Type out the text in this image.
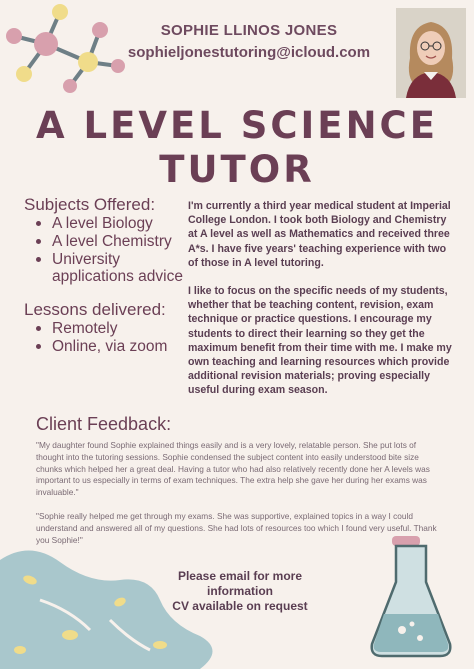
SOPHIE LLINOS JONES
sophieljonestutoring@icloud.com
A LEVEL SCIENCE
TUTOR
Subjects Offered:
A level Biology
A level Chemistry
University applications advice
Lessons delivered:
Remotely
Online, via zoom

I'm currently a third year medical student at Imperial College London. I took both Biology and Chemistry at A level as well as Mathematics and received three A*s. I have five years' teaching experience with two of those in A level tutoring.

I like to focus on the specific needs of my students, whether that be teaching content, revision, exam technique or practice questions. I encourage my students to direct their learning so they get the maximum benefit from their time with me. I make my own teaching and learning resources which provide additional revision materials; proving especially useful during exam season.

Client Feedback:

"My daughter found Sophie explained things easily and is a very lovely, relatable person. She put lots of thought into the tutoring sessions. Sophie condensed the subject content into easily understood bite size chunks which helped her a great deal. Having a tutor who had also relatively recently done her A levels was important to us especially in terms of exam techniques. The extra help she gave her during her exams was invaluable."

"Sophie really helped me get through my exams. She was supportive, explained topics in a way I could understand and answered all of my questions. She had lots of resources too which I found very useful. Thank you Sophie!"

Please email for more
information
CV available on request
